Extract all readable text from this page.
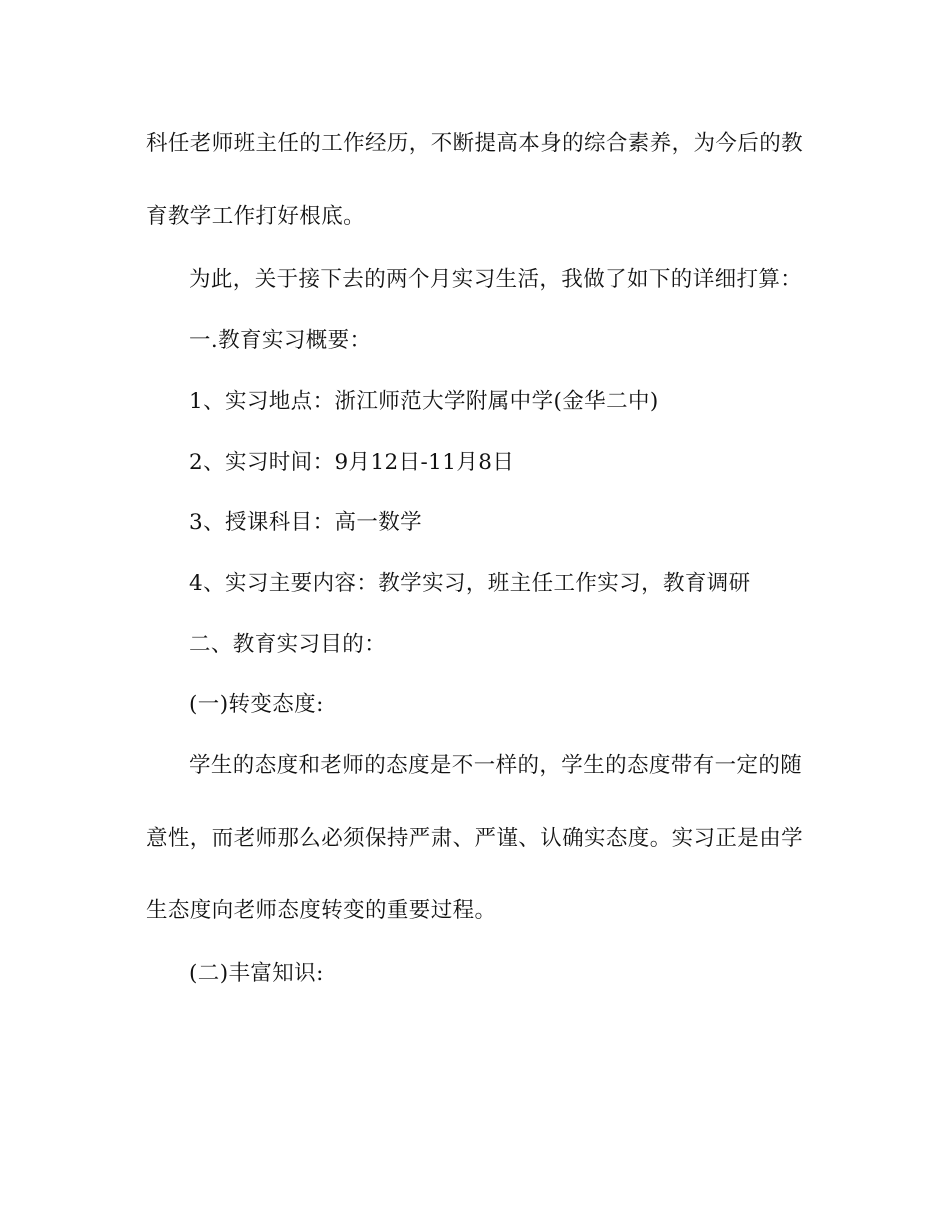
科任老师班主任的工作经历，不断提高本身的综合素养，为今后的教
育教学工作打好根底。
为此，关于接下去的两个月实习生活，我做了如下的详细打算：
一.教育实习概要：
1、实习地点：浙江师范大学附属中学(金华二中)
2、实习时间：9月12日-11月8日
3、授课科目：高一数学
4、实习主要内容：教学实习，班主任工作实习，教育调研
二、教育实习目的：
(一)转变态度:
学生的态度和老师的态度是不一样的，学生的态度带有一定的随
意性，而老师那么必须保持严肃、严谨、认确实态度。实习正是由学
生态度向老师态度转变的重要过程。
(二)丰富知识:
